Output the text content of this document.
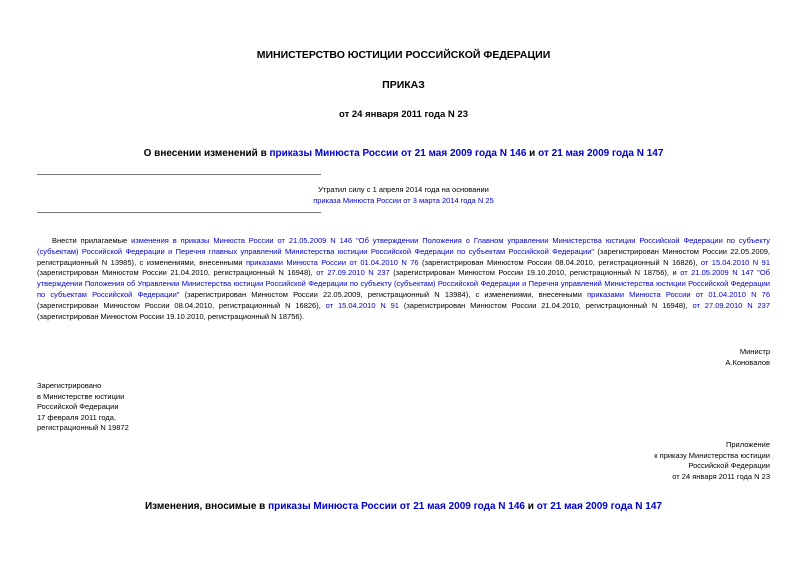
МИНИСТЕРСТВО ЮСТИЦИИ РОССИЙСКОЙ ФЕДЕРАЦИИ
ПРИКАЗ
от 24 января 2011 года N 23
О внесении изменений в приказы Минюста России от 21 мая 2009 года N 146 и от 21 мая 2009 года N 147
Утратил силу с 1 апреля 2014 года на основании
приказа Минюста России от 3 марта 2014 года N 25
Внести прилагаемые изменения в приказы Минюста России от 21.05.2009 N 146 "Об утверждении Положения о Главном управлении Министерства юстиции Российской Федерации по субъекту (субъектам) Российской Федерации и Перечня главных управлений Министерства юстиции Российской Федерации по субъектам Российской Федерации" (зарегистрирован Минюстом России 22.05.2009, регистрационный N 13985), с изменениями, внесенными приказами Минюста России от 01.04.2010 N 76 (зарегистрирован Минюстом России 08.04.2010, регистрационный N 16826), от 15.04.2010 N 91 (зарегистрирован Минюстом России 21.04.2010, регистрационный N 16948), от 27.09.2010 N 237 (зарегистрирован Минюстом России 19.10.2010, регистрационный N 18756), и от 21.05.2009 N 147 "Об утверждении Положения об Управлении Министерства юстиции Российской Федерации по субъекту (субъектам) Российской Федерации и Перечня управлений Министерства юстиции Российской Федерации по субъектам Российской Федерации" (зарегистрирован Минюстом России 22.05.2009, регистрационный N 13984), с изменениями, внесенными приказами Минюста России от 01.04.2010 N 76 (зарегистрирован Минюстом России 08.04.2010, регистрационный N 16826), от 15.04.2010 N 91 (зарегистрирован Минюстом России 21.04.2010, регистрационный N 16948), от 27.09.2010 N 237 (зарегистрирован Минюстом России 19.10.2010, регистрационный N 18756).
Министр
А.Коновалов
Зарегистрировано
в Министерстве юстиции
Российской Федерации
17 февраля 2011 года,
регистрационный N 19872
Приложение
к приказу Министерства юстиции
Российской Федерации
от 24 января 2011 года N 23
Изменения, вносимые в приказы Минюста России от 21 мая 2009 года N 146 и от 21 мая 2009 года N 147
